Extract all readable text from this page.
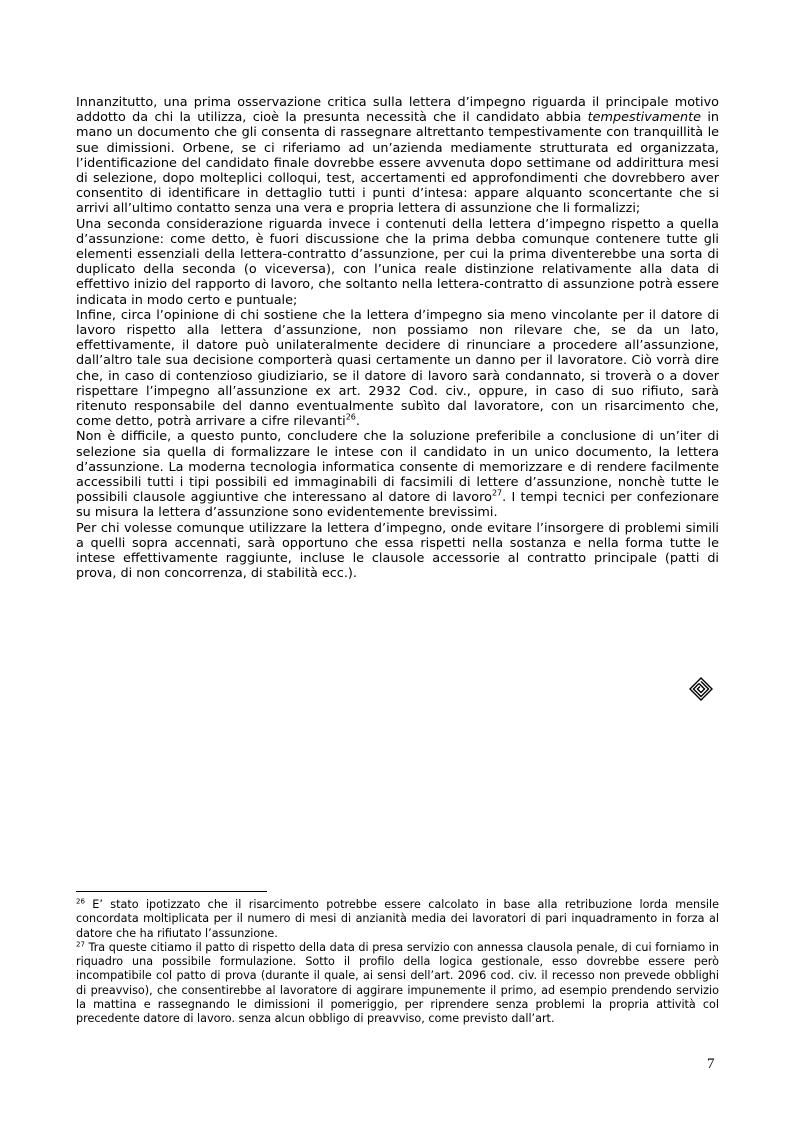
Innanzitutto, una prima osservazione critica sulla lettera d’impegno riguarda il principale motivo addotto da chi la utilizza, cioè la presunta necessità che il candidato abbia tempestivamente in mano un documento che gli consenta di rassegnare altrettanto tempestivamente con tranquillità le sue dimissioni. Orbene, se ci riferiamo ad un’azienda mediamente strutturata ed organizzata, l’identificazione del candidato finale dovrebbe essere avvenuta dopo settimane od addirittura mesi di selezione, dopo molteplici colloqui, test, accertamenti ed approfondimenti che dovrebbero aver consentito di identificare in dettaglio tutti i punti d’intesa: appare alquanto sconcertante che si arrivi all’ultimo contatto senza una vera e propria lettera di assunzione che li formalizzi;

Una seconda considerazione riguarda invece i contenuti della lettera d’impegno rispetto a quella d’assunzione: come detto, è fuori discussione che la prima debba comunque contenere tutte gli elementi essenziali della lettera-contratto d’assunzione, per cui la prima diventerebbe una sorta di duplicato della seconda (o viceversa), con l’unica reale distinzione relativamente alla data di effettivo inizio del rapporto di lavoro, che soltanto nella lettera-contratto di assunzione potrà essere indicata in modo certo e puntuale;

Infine, circa l’opinione di chi sostiene che la lettera d’impegno sia meno vincolante per il datore di lavoro rispetto alla lettera d’assunzione, non possiamo non rilevare che, se da un lato, effettivamente, il datore può unilateralmente decidere di rinunciare a procedere all’assunzione, dall’altro tale sua decisione comporterà quasi certamente un danno per il lavoratore. Ciò vorrà dire che, in caso di contenzioso giudiziario, se il datore di lavoro sarà condannato, si troverà o a dover rispettare l’impegno all’assunzione ex art. 2932 Cod. civ., oppure, in caso di suo rifiuto, sarà ritenuto responsabile del danno eventualmente subìto dal lavoratore, con un risarcimento che, come detto, potrà arrivare a cifre rilevanti$^{26}$.

Non è difficile, a questo punto, concludere che la soluzione preferibile a conclusione di un’iter di selezione sia quella di formalizzare le intese con il candidato in un unico documento, la lettera d’assunzione. La moderna tecnologia informatica consente di memorizzare e di rendere facilmente accessibili tutti i tipi possibili ed immaginabili di facsimili di lettere d’assunzione, nonchè tutte le possibili clausole aggiuntive che interessano al datore di lavoro$^{27}$. I tempi tecnici per confezionare su misura la lettera d’assunzione sono evidentemente brevissimi.

Per chi volesse comunque utilizzare la lettera d’impegno, onde evitare l’insorgere di problemi simili a quelli sopra accennati, sarà opportuno che essa rispetti nella sostanza e nella forma tutte le intese effettivamente raggiunte, incluse le clausole accessorie al contratto principale (patti di prova, di non concorrenza, di stabilità ecc.).

$^{26}$ E’ stato ipotizzato che il risarcimento potrebbe essere calcolato in base alla retribuzione lorda mensile concordata moltiplicata per il numero di mesi di anzianità media dei lavoratori di pari inquadramento in forza al datore che ha rifiutato l’assunzione.

$^{27}$ Tra queste citiamo il patto di rispetto della data di presa servizio con annessa clausola penale, di cui forniamo in riquadro una possibile formulazione. Sotto il profilo della logica gestionale, esso dovrebbe essere però incompatibile col patto di prova (durante il quale, ai sensi dell’art. 2096 cod. civ. il recesso non prevede obblighi di preavviso), che consentirebbe al lavoratore di aggirare impunemente il primo, ad esempio prendendo servizio la mattina e rassegnando le dimissioni il pomeriggio, per riprendere senza problemi la propria attività col precedente datore di lavoro. senza alcun obbligo di preavviso, come previsto dall’art.

7
